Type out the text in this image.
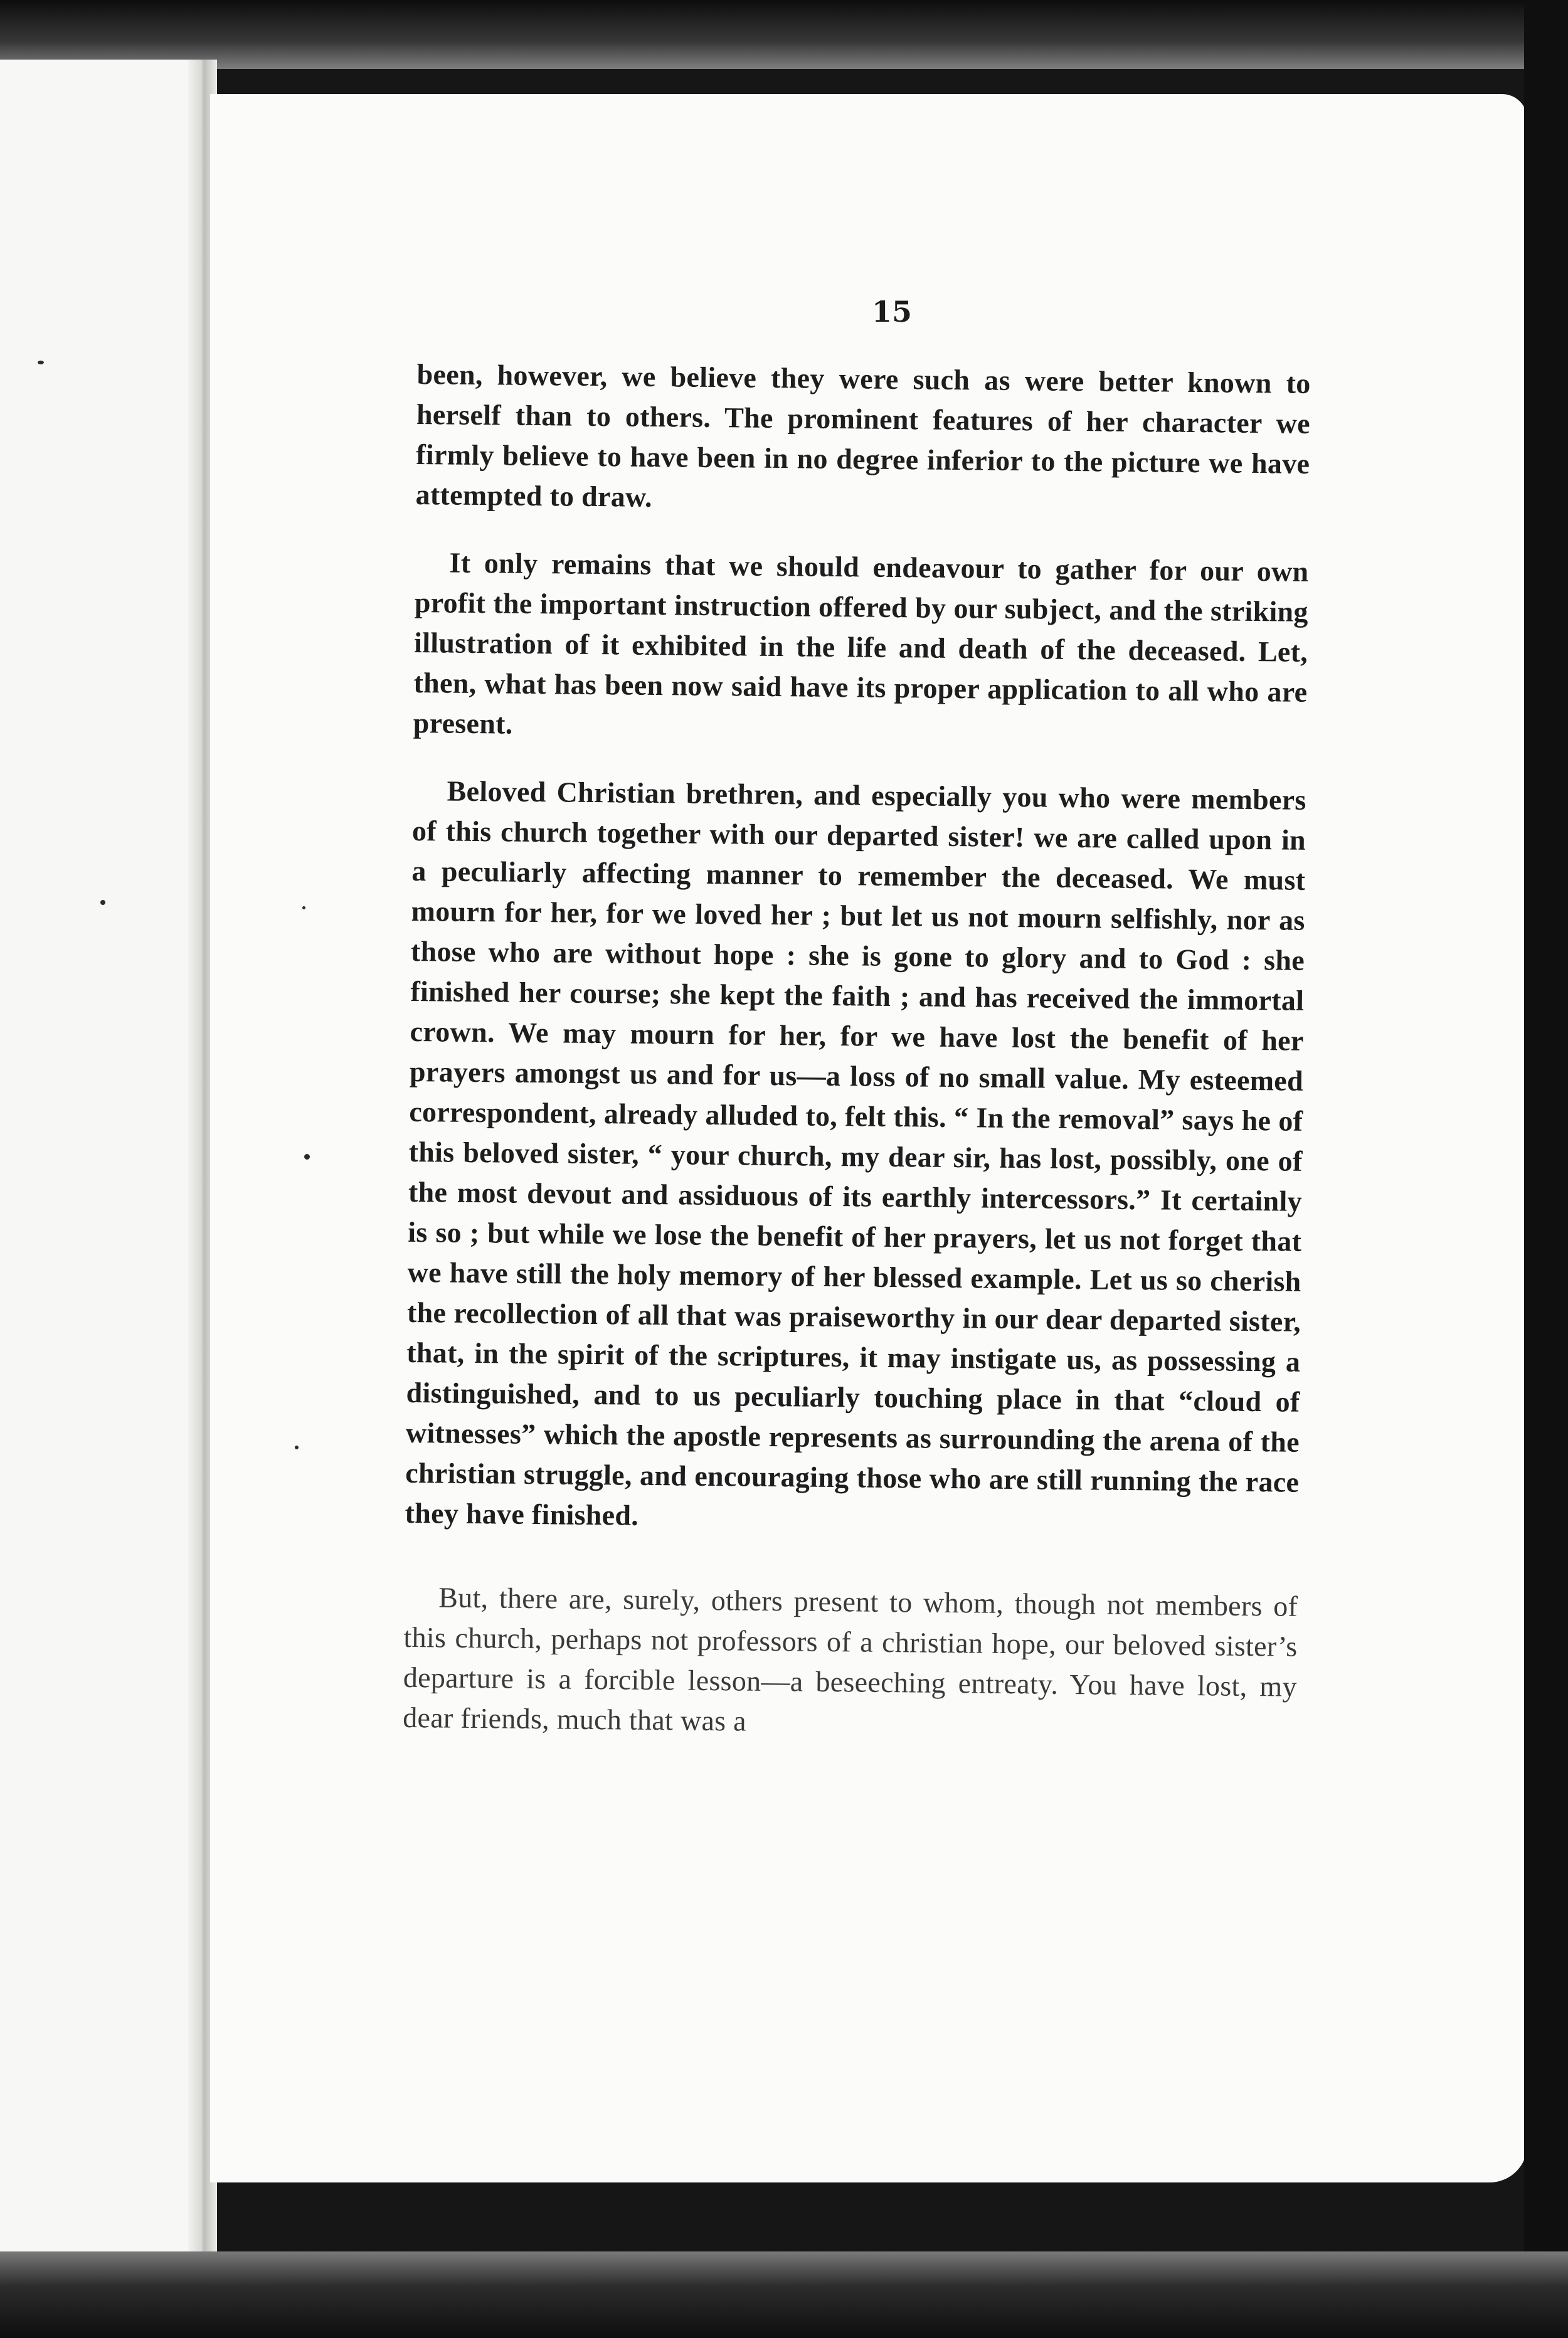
15

been, however, we believe they were such as were better known to herself than to others. The prominent features of her character we firmly believe to have been in no degree inferior to the picture we have attempted to draw.

It only remains that we should endeavour to gather for our own profit the important instruction offered by our subject, and the striking illustration of it exhibited in the life and death of the deceased. Let, then, what has been now said have its proper application to all who are present.

Beloved Christian brethren, and especially you who were members of this church together with our departed sister! we are called upon in a peculiarly affecting manner to remember the deceased. We must mourn for her, for we loved her ; but let us not mourn selfishly, nor as those who are without hope : she is gone to glory and to God : she finished her course; she kept the faith ; and has received the immortal crown. We may mourn for her, for we have lost the benefit of her prayers amongst us and for us—a loss of no small value. My esteemed correspondent, already alluded to, felt this. “ In the removal” says he of this beloved sister, “ your church, my dear sir, has lost, possibly, one of the most devout and assiduous of its earthly intercessors.” It certainly is so ; but while we lose the benefit of her prayers, let us not forget that we have still the holy memory of her blessed example. Let us so cherish the recollection of all that was praiseworthy in our dear departed sister, that, in the spirit of the scriptures, it may instigate us, as possessing a distinguished, and to us peculiarly touching place in that “cloud of witnesses” which the apostle represents as surrounding the arena of the christian struggle, and encouraging those who are still running the race they have finished.

But, there are, surely, others present to whom, though not members of this church, perhaps not professors of a christian hope, our beloved sister’s departure is a forcible lesson—a beseeching entreaty. You have lost, my dear friends, much that was a
